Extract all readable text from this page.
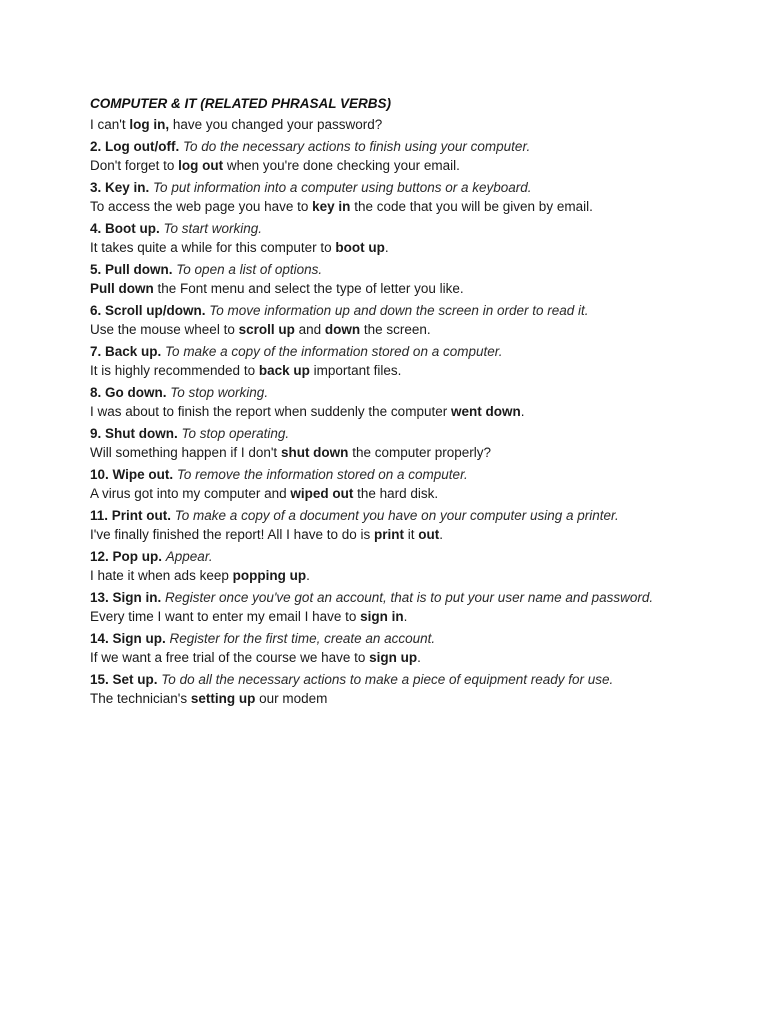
COMPUTER & IT (RELATED PHRASAL VERBS)
I can't log in, have you changed your password?
2. Log out/off. To do the necessary actions to finish using your computer.
Don't forget to log out when you're done checking your email.
3. Key in. To put information into a computer using buttons or a keyboard.
To access the web page you have to key in the code that you will be given by email.
4. Boot up. To start working.
It takes quite a while for this computer to boot up.
5. Pull down. To open a list of options.
Pull down the Font menu and select the type of letter you like.
6. Scroll up/down. To move information up and down the screen in order to read it.
Use the mouse wheel to scroll up and down the screen.
7. Back up. To make a copy of the information stored on a computer.
It is highly recommended to back up important files.
8. Go down. To stop working.
I was about to finish the report when suddenly the computer went down.
9. Shut down. To stop operating.
Will something happen if I don't shut down the computer properly?
10. Wipe out. To remove the information stored on a computer.
A virus got into my computer and wiped out the hard disk.
11. Print out. To make a copy of a document you have on your computer using a printer.
I've finally finished the report! All I have to do is print it out.
12. Pop up. Appear.
I hate it when ads keep popping up.
13. Sign in. Register once you've got an account, that is to put your user name and password.
Every time I want to enter my email I have to sign in.
14. Sign up. Register for the first time, create an account.
If we want a free trial of the course we have to sign up.
15. Set up. To do all the necessary actions to make a piece of equipment ready for use.
The technician's setting up our modem
